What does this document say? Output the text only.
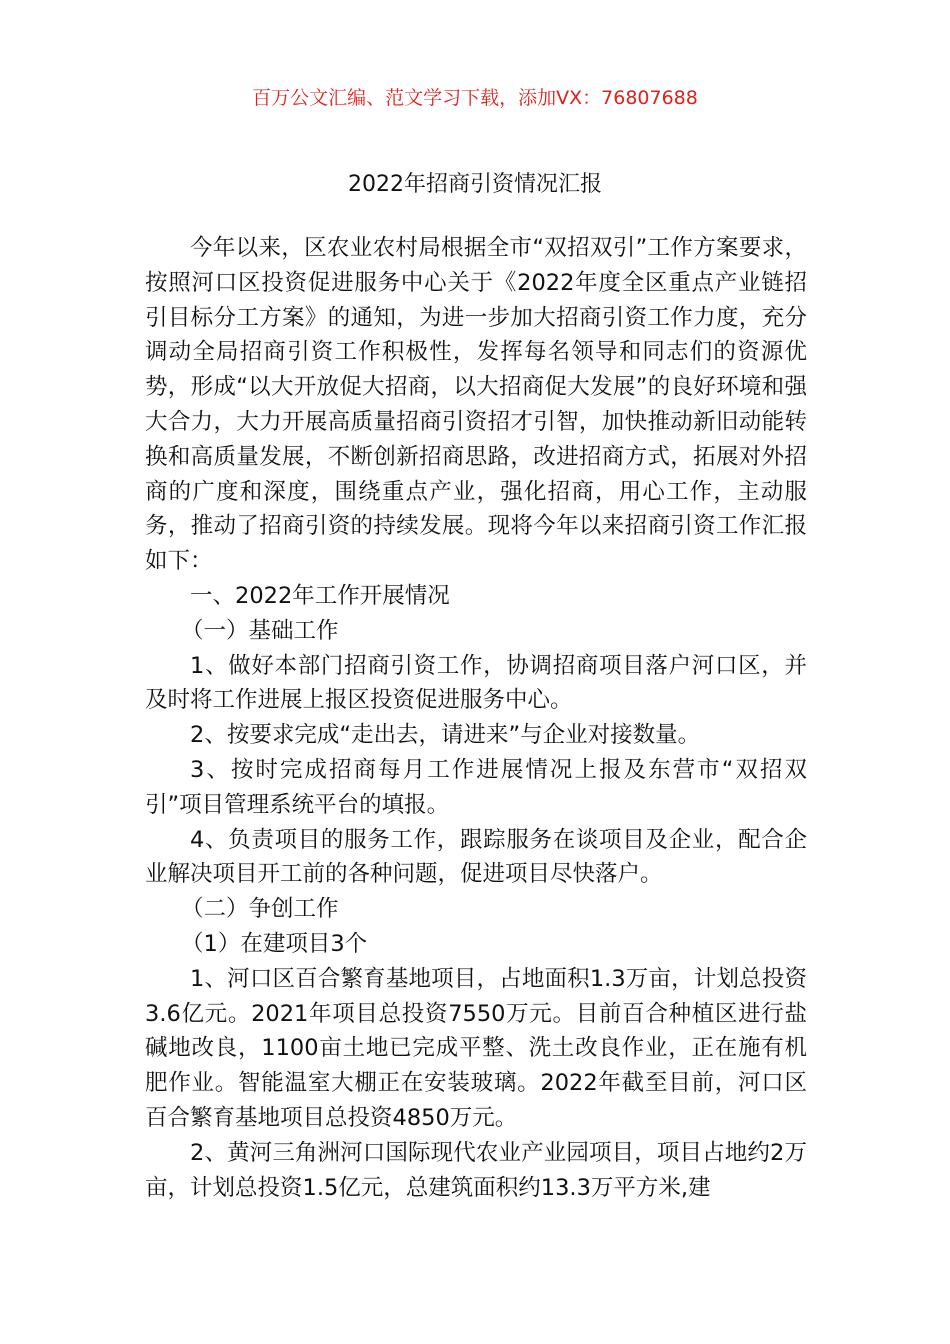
百万公文汇编、范文学习下载，添加VX：76807688
2022年招商引资情况汇报

今年以来，区农业农村局根据全市“双招双引”工作方案要求，按照河口区投资促进服务中心关于《2022年度全区重点产业链招引目标分工方案》的通知，为进一步加大招商引资工作力度，充分调动全局招商引资工作积极性，发挥每名领导和同志们的资源优势，形成“以大开放促大招商，以大招商促大发展”的良好环境和强大合力，大力开展高质量招商引资招才引智，加快推动新旧动能转换和高质量发展，不断创新招商思路，改进招商方式，拓展对外招商的广度和深度，围绕重点产业，强化招商，用心工作，主动服务，推动了招商引资的持续发展。现将今年以来招商引资工作汇报如下：

一、2022年工作开展情况

（一）基础工作

1、做好本部门招商引资工作，协调招商项目落户河口区，并及时将工作进展上报区投资促进服务中心。

2、按要求完成“走出去，请进来”与企业对接数量。

3、按时完成招商每月工作进展情况上报及东营市“双招双引”项目管理系统平台的填报。

4、负责项目的服务工作，跟踪服务在谈项目及企业，配合企业解决项目开工前的各种问题，促进项目尽快落户。

（二）争创工作

（1）在建项目3个

1、河口区百合繁育基地项目，占地面积1.3万亩，计划总投资3.6亿元。2021年项目总投资7550万元。目前百合种植区进行盐碱地改良，1100亩土地已完成平整、洗土改良作业，正在施有机肥作业。智能温室大棚正在安装玻璃。2022年截至目前，河口区百合繁育基地项目总投资4850万元。

2、黄河三角洲河口国际现代农业产业园项目，项目占地约2万亩，计划总投资1.5亿元，总建筑面积约13.3万平方米,建
